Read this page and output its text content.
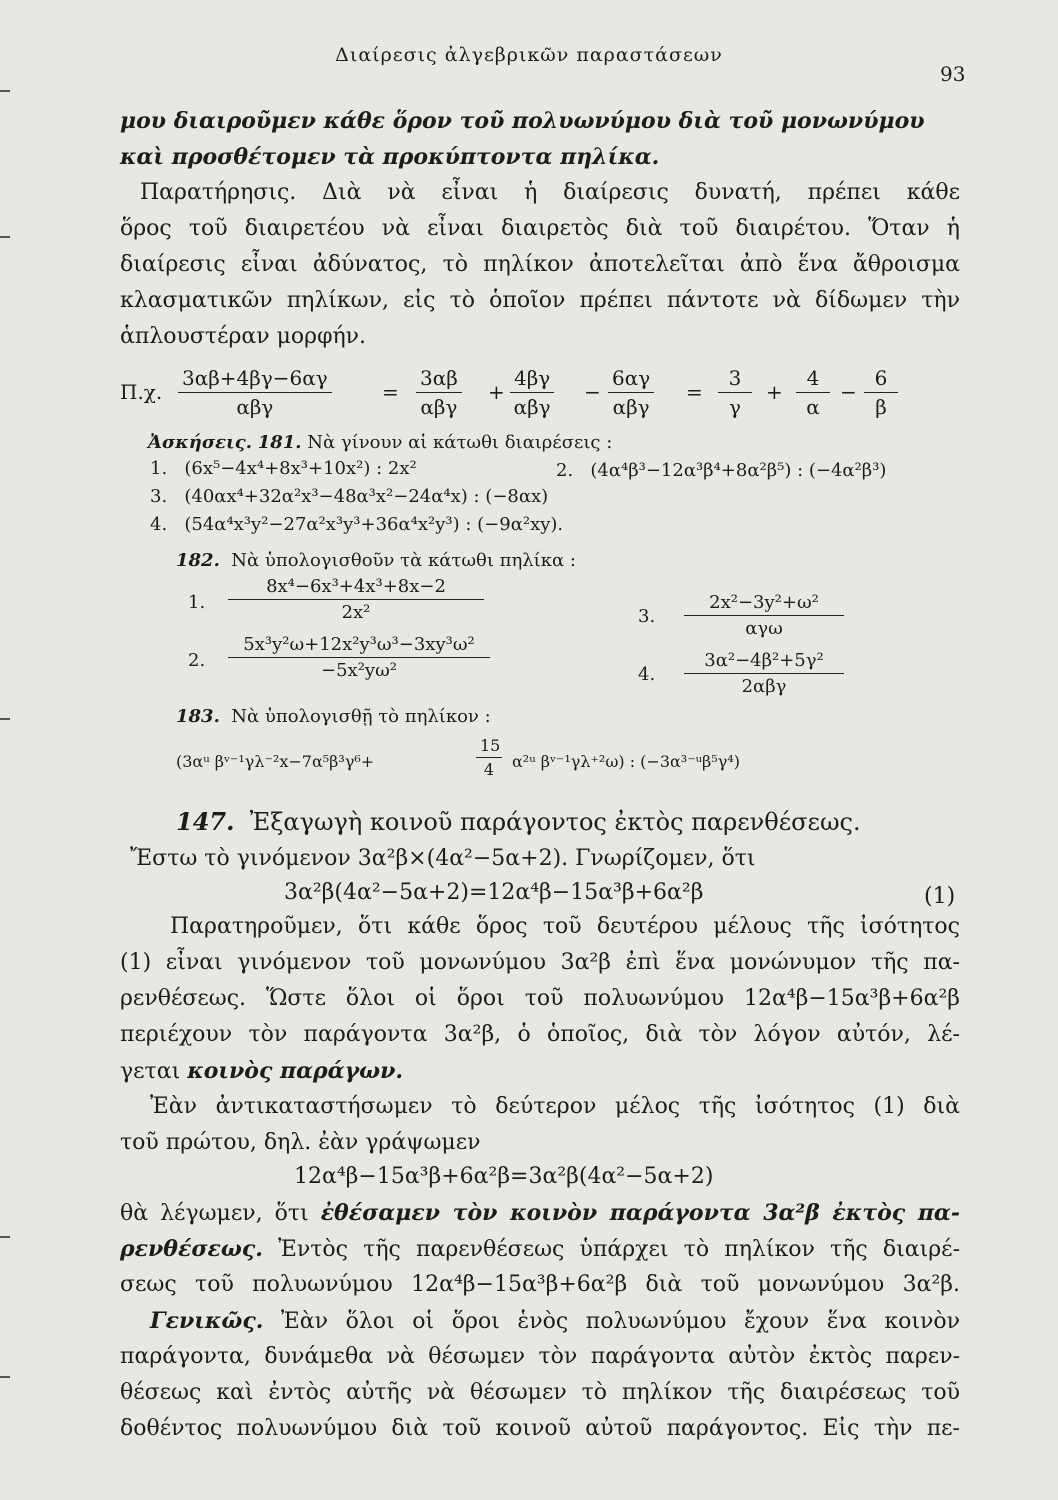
Διαίρεσις ἀλγεβρικῶν παραστάσεων
93
μου διαιροῦμεν κάθε ὅρον τοῦ πολυωνύμου διὰ τοῦ μονωνύμου
καὶ προσθέτομεν τὰ προκύπτοντα πηλίκα.
Παρατήρησις. Διὰ νὰ εἶναι ἡ διαίρεσις δυνατή, πρέπει κάθε
ὅρος τοῦ διαιρετέου νὰ εἶναι διαιρετὸς διὰ τοῦ διαιρέτου. Ὅταν ἡ
διαίρεσις εἶναι ἀδύνατος, τὸ πηλίκον ἀποτελεῖται ἀπὸ ἕνα ἄθροισμα
κλασματικῶν πηλίκων, εἰς τὸ ὁποῖον πρέπει πάντοτε νὰ δίδωμεν τὴν
ἁπλουστέραν μορφήν.
Π.χ.
3αβ+4βγ−6αγ
αβγ
=
3αβ
αβγ
+
4βγ
αβγ
−
6αγ
αβγ
= $\frac{3}{\gamma} + \frac{4}{\alpha} - \frac{6}{\beta}$
Ἀσκήσεις. 181. Νὰ γίνουν αἱ κάτωθι διαιρέσεις :
1. (6x⁵−4x⁴+8x³+10x²) : 2x²	2. (4α⁴β³−12α³β⁴+8α²β⁵) : (−4α²β³)
3. (40αx⁴+32α²x³−48α³x²−24α⁴x) : (−8αx)
4. (54α⁴x³y²−27α²x³y³+36α⁴x²y³) : (−9α²xy).
182. Νὰ ὑπολογισθοῦν τὰ κάτωθι πηλίκα :
1. $\frac{\text{8x⁴−6x³+4x³+8x−2}}{\text{2x²}}$
2. $\frac{\text{5x³y²ω+12x²y³ω³−3xy³ω²}}{\text{−5x²yω²}}$
3.
2x²−3y²+ω²
αγω
4.
3α²−4β²+5γ²
2αβγ
183. Νὰ ὑπολογισθῇ τὸ πηλίκον :
(3αᵘ βᵛ⁻¹γλ⁻²x−7α⁵β³γ⁶+	$\frac{15}{4}$ α²ᵘ βᵛ⁻¹γλ⁺²ω) : (−3α³⁻ᵘβ⁵γ⁴)
147. Ἐξαγωγὴ κοινοῦ παράγοντος ἐκτὸς παρενθέσεως.
Ἔστω τὸ γινόμενον 3α²β×(4α²−5α+2). Γνωρίζομεν, ὅτι
3α²β(4α²−5α+2)=12α⁴β−15α³β+6α²β	(1)
Παρατηροῦμεν, ὅτι κάθε ὅρος τοῦ δευτέρου μέλους τῆς ἰσότητος
(1) εἶναι γινόμενον τοῦ μονωνύμου 3α²β ἐπὶ ἕνα μονώνυμον τῆς πα-
ρενθέσεως. Ὥστε ὅλοι οἱ ὅροι τοῦ πολυωνύμου 12α⁴β−15α³β+6α²β
περιέχουν τὸν παράγοντα 3α²β, ὁ ὁποῖος, διὰ τὸν λόγον αὐτόν, λέ-
γεται κοινὸς παράγων.
Ἐὰν ἀντικαταστήσωμεν τὸ δεύτερον μέλος τῆς ἰσότητος (1) διὰ
τοῦ πρώτου, δηλ. ἐὰν γράψωμεν
12α⁴β−15α³β+6α²β=3α²β(4α²−5α+2)
θὰ λέγωμεν, ὅτι ἐθέσαμεν τὸν κοινὸν παράγοντα 3α²β ἐκτὸς πα-
ρενθέσεως. Ἐντὸς τῆς παρενθέσεως ὑπάρχει τὸ πηλίκον τῆς διαιρέ-
σεως τοῦ πολυωνύμου 12α⁴β−15α³β+6α²β διὰ τοῦ μονωνύμου 3α²β.
Γενικῶς. Ἐὰν ὅλοι οἱ ὅροι ἑνὸς πολυωνύμου ἔχουν ἕνα κοινὸν
παράγοντα, δυνάμεθα νὰ θέσωμεν τὸν παράγοντα αὐτὸν ἐκτὸς παρεν-
θέσεως καὶ ἐντὸς αὐτῆς νὰ θέσωμεν τὸ πηλίκον τῆς διαιρέσεως τοῦ
δοθέντος πολυωνύμου διὰ τοῦ κοινοῦ αὐτοῦ παράγοντος. Εἰς τὴν πε-
